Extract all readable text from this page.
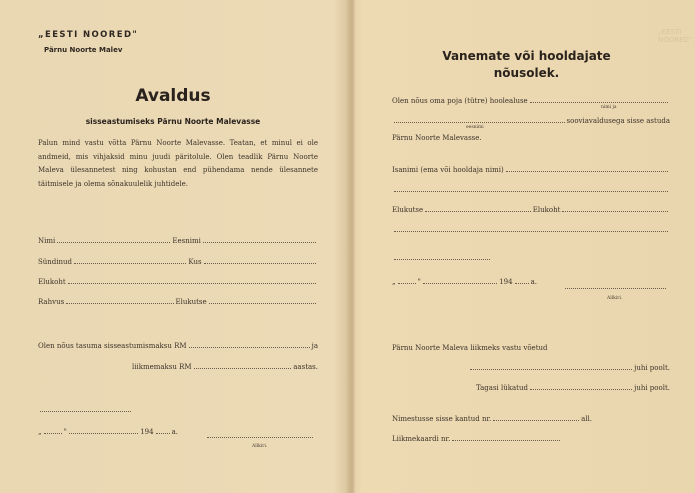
„EESTI NOORED"
Pärnu Noorte Malev
Avaldus
sisseastumiseks Pärnu Noorte Malevasse
Palun mind vastu võtta Pärnu Noorte Malevasse. Teatan, et minul ei ole andmeid, mis vihjaksid minu juudi päritolule. Olen teadlik Pärnu Noorte Maleva ülesannetest ning kohustan end pühendama nende ülesannete täitmisele ja olema sõnakuulelik juhtidele.
Nimi	Eesnimi
Sündinud	Kus
Elukoht
Rahvus	Elukutse
Olen nõus tasuma sisseastumismaksu RM	ja
liikmemaksu RM	aastas.
„	"	194	a.
Allkiri.
„EESTI NOORED"
Vanemate või hooldajate
nõusolek.
Olen nõus oma poja (tütre) hoolealuse
nimi ja
sooviavaldusega sisse astuda
eesnimi
Pärnu Noorte Malevasse.
Isanimi (ema või hooldaja nimi)
Elukutse	Elukoht
„	"	194	a.
Allkiri.
Pärnu Noorte Maleva liikmeks vastu võetud
juhi poolt.
Tagasi lükatud	juhi poolt.
Nimestusse sisse kantud nr.	all.
Liikmekaardi nr.
